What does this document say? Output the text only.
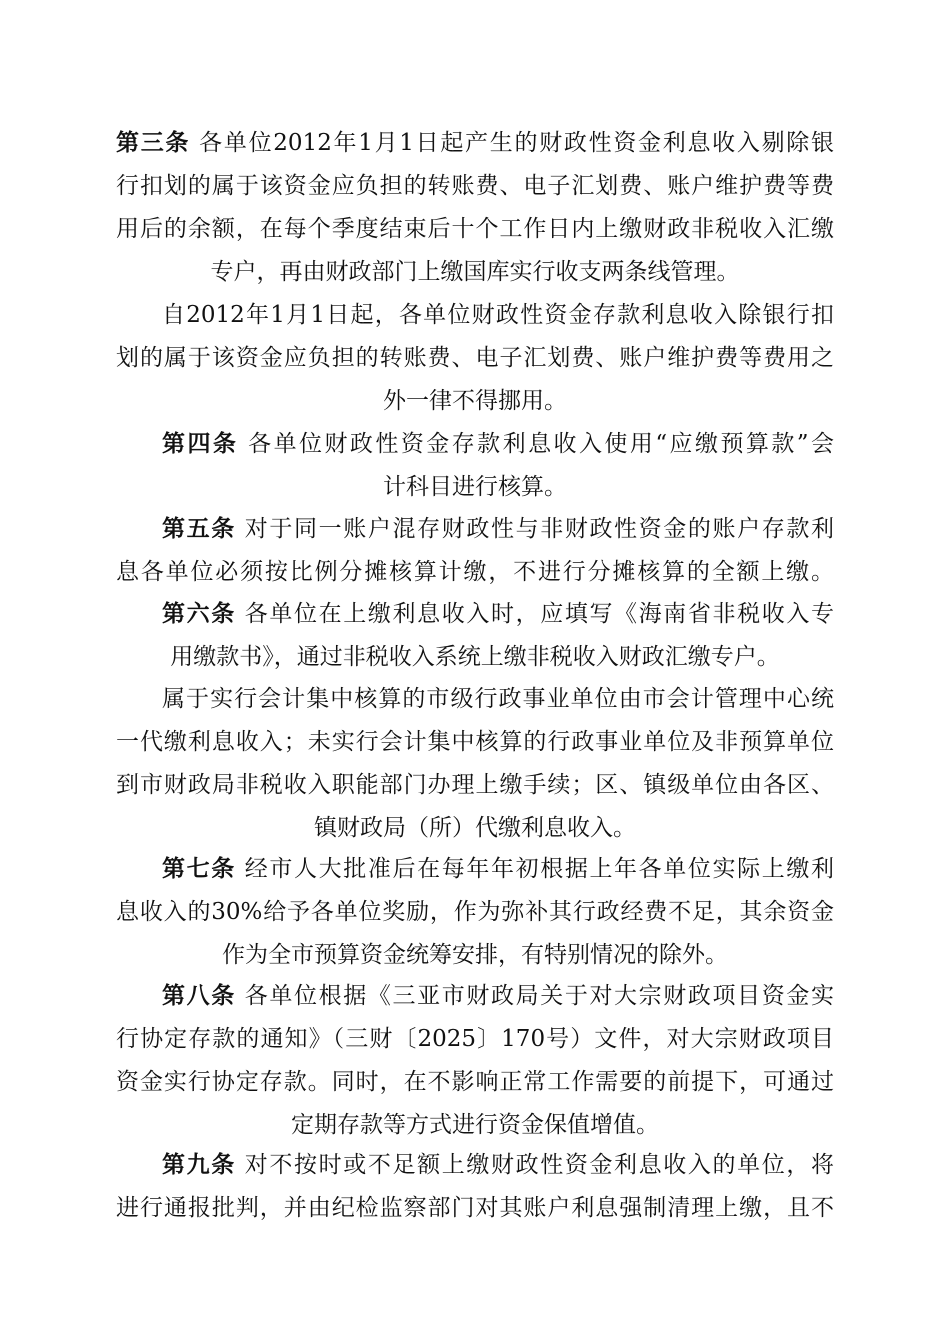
第三条 各单位2012年1月1日起产生的财政性资金利息收入剔除银
行扣划的属于该资金应负担的转账费、电子汇划费、账户维护费等费
用后的余额，在每个季度结束后十个工作日内上缴财政非税收入汇缴
专户，再由财政部门上缴国库实行收支两条线管理。
自2012年1月1日起，各单位财政性资金存款利息收入除银行扣
划的属于该资金应负担的转账费、电子汇划费、账户维护费等费用之
外一律不得挪用。
第四条 各单位财政性资金存款利息收入使用“应缴预算款”会
计科目进行核算。
第五条 对于同一账户混存财政性与非财政性资金的账户存款利
息各单位必须按比例分摊核算计缴，不进行分摊核算的全额上缴。
第六条 各单位在上缴利息收入时，应填写《海南省非税收入专
用缴款书》，通过非税收入系统上缴非税收入财政汇缴专户。
属于实行会计集中核算的市级行政事业单位由市会计管理中心统
一代缴利息收入；未实行会计集中核算的行政事业单位及非预算单位
到市财政局非税收入职能部门办理上缴手续；区、镇级单位由各区、
镇财政局（所）代缴利息收入。
第七条 经市人大批准后在每年年初根据上年各单位实际上缴利
息收入的30%给予各单位奖励，作为弥补其行政经费不足，其余资金
作为全市预算资金统筹安排，有特别情况的除外。
第八条 各单位根据《三亚市财政局关于对大宗财政项目资金实
行协定存款的通知》（三财〔2025〕170号）文件，对大宗财政项目
资金实行协定存款。同时，在不影响正常工作需要的前提下，可通过
定期存款等方式进行资金保值增值。
第九条 对不按时或不足额上缴财政性资金利息收入的单位，将
进行通报批判，并由纪检监察部门对其账户利息强制清理上缴，且不
